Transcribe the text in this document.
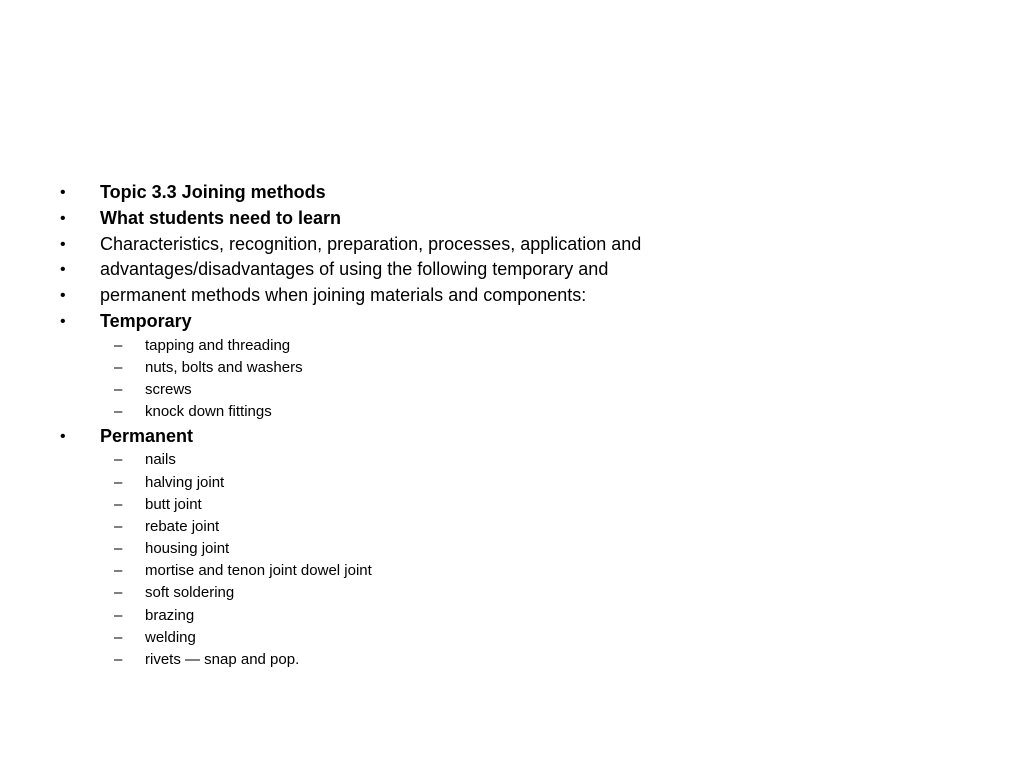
•	Topic 3.3 Joining methods
•	What students need to learn
•	Characteristics, recognition, preparation, processes, application and
•	advantages/disadvantages of using the following temporary and
•	permanent methods when joining materials and components:
•	Temporary
– tapping and threading
– nuts, bolts and washers
– screws
– knock down fittings
•	Permanent
– nails
– halving joint
– butt joint
– rebate joint
– housing joint
– mortise and tenon joint dowel joint
– soft soldering
– brazing
– welding
– rivets — snap and pop.
